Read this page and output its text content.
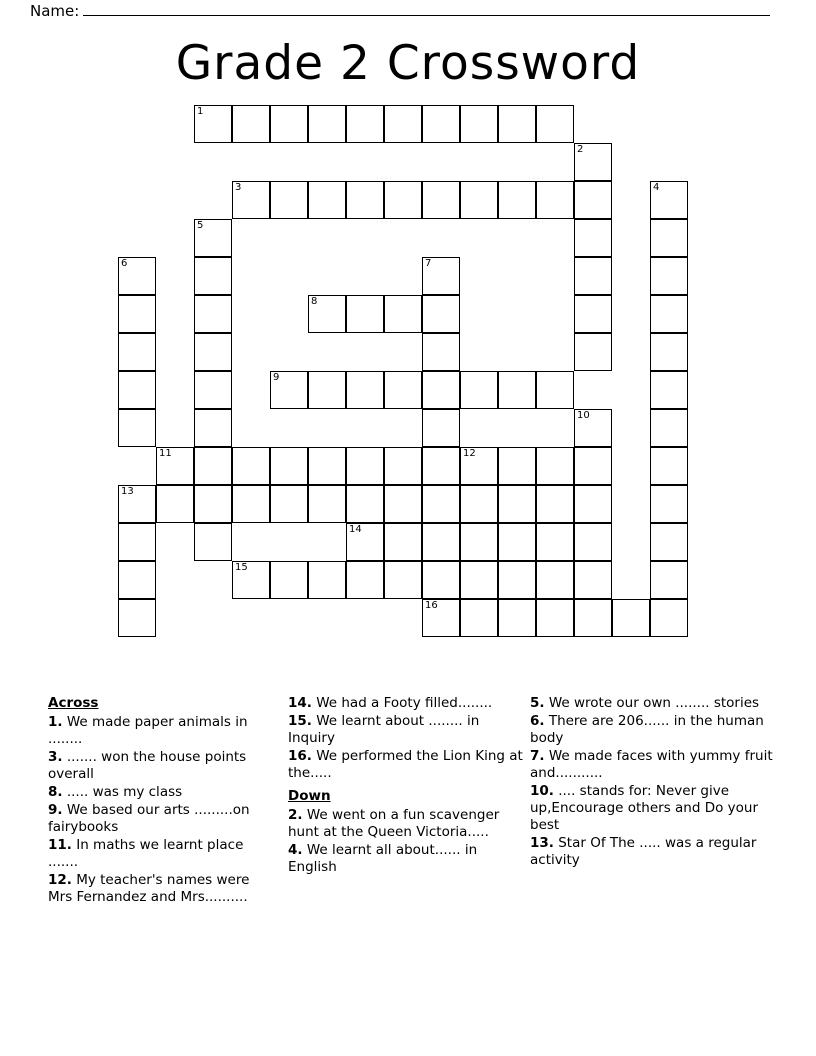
Name:
Grade 2 Crossword
1
2
3	4
5
6	7
8
9
10
11	12
13
14
15
16
Across
1. We made paper animals in ........
3. ....... won the house points overall
8. ..... was my class
9. We based our arts .........on fairybooks
11. In maths we learnt place .......
12. My teacher's names were Mrs Fernandez and Mrs..........
14. We had a Footy filled........
15. We learnt about ........ in Inquiry
16. We performed the Lion King at the.....
Down
2. We went on a fun scavenger hunt at the Queen Victoria.....
4. We learnt all about...... in English
5. We wrote our own ........ stories
6. There are 206...... in the human body
7. We made faces with yummy fruit and...........
10. .... stands for: Never give up,Encourage others and Do your best
13. Star Of The ..... was a regular activity
